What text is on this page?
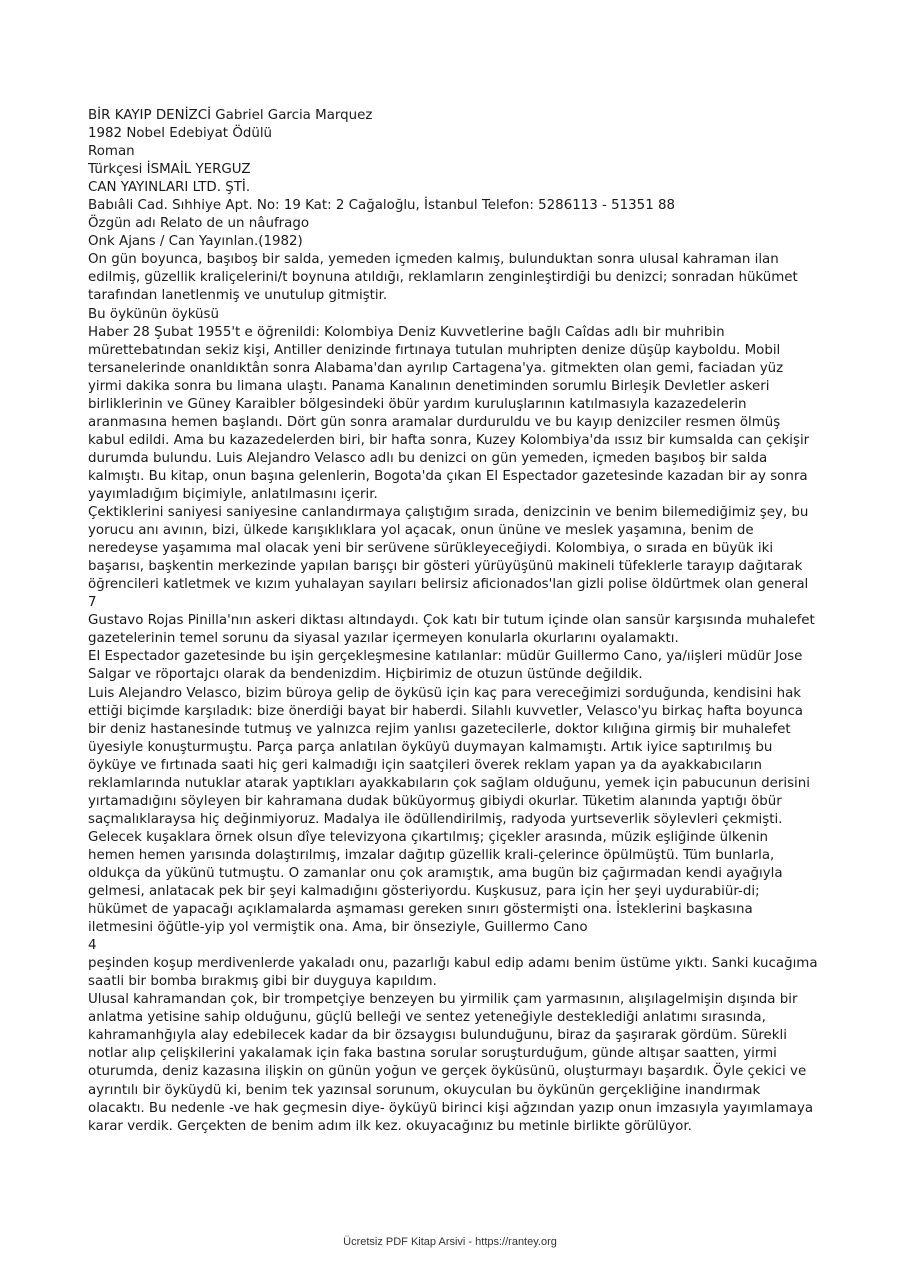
BİR KAYIP DENİZCİ Gabriel Garcia Marquez

1982 Nobel Edebiyat Ödülü

Roman

Türkçesi İSMAİL YERGUZ

CAN YAYINLARI LTD. ŞTİ.

Babıâli Cad. Sıhhiye Apt. No: 19 Kat: 2 Cağaloğlu, İstanbul Telefon: 5286113 - 51351 88

Özgün adı Relato de un nâufrago

Onk Ajans / Can Yayınlan.(1982)

On gün boyunca, başıboş bir salda, yemeden içmeden kalmış, bulunduktan sonra ulusal kahraman ilan edilmiş, güzellik kraliçelerini/t boynuna atıldığı, reklamların zenginleştirdiği bu denizci; sonradan hükümet tarafından lanetlenmiş ve unutulup gitmiştir.

Bu öykünün öyküsü

Haber 28 Şubat 1955't e öğrenildi: Kolombiya Deniz Kuvvetlerine bağlı Caîdas adlı bir muhribin mürettebatından sekiz kişi, Antiller denizinde fırtınaya tutulan muhripten denize düşüp kayboldu. Mobil tersanelerinde onanldıktân sonra Alabama'dan ayrılıp Cartagena'ya. gitmekten olan gemi, faciadan yüz yirmi dakika sonra bu limana ulaştı. Panama Kanalının denetiminden sorumlu Birleşik Devletler askeri birliklerinin ve Güney Karaibler bölgesindeki öbür yardım kuruluşlarının katılmasıyla kazazedelerin aranmasına hemen başlandı. Dört gün sonra aramalar durduruldu ve bu kayıp denizciler resmen ölmüş kabul edildi. Ama bu kazazedelerden biri, bir hafta sonra, Kuzey Kolombiya'da ıssız bir kumsalda can çekişir durumda bulundu. Luis Alejandro Velasco adlı bu denizci on gün yemeden, içmeden başıboş bir salda kalmıştı. Bu kitap, onun başına gelenlerin, Bogota'da çıkan El Espectador gazetesinde kazadan bir ay sonra yayımladığım biçimiyle, anlatılmasını içerir.

Çektiklerini saniyesi saniyesine canlandırmaya çalıştığım sırada, denizcinin ve benim bilemediğimiz şey, bu yorucu anı avının, bizi, ülkede karışıklıklara yol açacak, onun ününe ve meslek yaşamına, benim de neredeyse yaşamıma mal olacak yeni bir serüvene sürükleyeceğiydi. Kolombiya, o sırada en büyük iki başarısı, başkentin merkezinde yapılan barışçı bir gösteri yürüyüşünü makineli tüfeklerle tarayıp dağıtarak öğrencileri katletmek ve kızım yuhalayan sayıları belirsiz aficionados'lan gizli polise öldürtmek olan general

7

Gustavo Rojas Pinilla'nın askeri diktası altındaydı. Çok katı bir tutum içinde olan sansür karşısında muhalefet gazetelerinin temel sorunu da siyasal yazılar içermeyen konularla okurlarını oyalamaktı.

El Espectador gazetesinde bu işin gerçekleşmesine katılanlar: müdür Guillermo Cano, ya/ıişleri müdür Jose Salgar ve röportajcı olarak da bendenizdim. Hiçbirimiz de otuzun üstünde değildik.

Luis Alejandro Velasco, bizim büroya gelip de öyküsü için kaç para vereceğimizi sorduğunda, kendisini hak ettiği biçimde karşıladık: bize önerdiği bayat bir haberdi. Silahlı kuvvetler, Velasco'yu birkaç hafta boyunca bir deniz hastanesinde tutmuş ve yalnızca rejim yanlısı gazetecilerle, doktor kılığına girmiş bir muhalefet üyesiyle konuşturmuştu. Parça parça anlatılan öyküyü duymayan kalmamıştı. Artık iyice saptırılmış bu öyküye ve fırtınada saati hiç geri kalmadığı için saatçileri överek reklam yapan ya da ayakkabıcıların reklamlarında nutuklar atarak yaptıkları ayakkabıların çok sağlam olduğunu, yemek için pabucunun derisini yırtamadığını söyleyen bir kahramana dudak büküyormuş gibiydi okurlar. Tüketim alanında yaptığı öbür saçmalıklaraysa hiç değinmiyoruz. Madalya ile ödüllendirilmiş, radyoda yurtseverlik söylevleri çekmişti. Gelecek kuşaklara örnek olsun dîye televizyona çıkartılmış; çiçekler arasında, müzik eşliğinde ülkenin hemen hemen yarısında dolaştırılmış, imzalar dağıtıp güzellik krali-çelerince öpülmüştü. Tüm bunlarla, oldukça da yükünü tutmuştu. O zamanlar onu çok aramıştık, ama bugün biz çağırmadan kendi ayağıyla gelmesi, anlatacak pek bir şeyi kalmadığını gösteriyordu. Kuşkusuz, para için her şeyi uydurabiür-di; hükümet de yapacağı açıklamalarda aşmaması gereken sınırı göstermişti ona. İsteklerini başkasına iletmesini öğütle-yip yol vermiştik ona. Ama, bir önseziyle, Guillermo Cano

4

peşinden koşup merdivenlerde yakaladı onu, pazarlığı kabul edip adamı benim üstüme yıktı. Sanki kucağıma saatli bir bomba bırakmış gibi bir duyguya kapıldım.

Ulusal kahramandan çok, bir trompetçiye benzeyen bu yirmilik çam yarmasının, alışılagelmişin dışında bir anlatma yetisine sahip olduğunu, güçlü belleği ve sentez yeteneğiyle desteklediği anlatımı sırasında, kahramanhğıyla alay edebilecek kadar da bir özsaygısı bulunduğunu, biraz da şaşırarak gördüm. Sürekli notlar alıp çelişkilerini yakalamak için faka bastına sorular soruşturduğum, günde altışar saatten, yirmi oturumda, deniz kazasına ilişkin on günün yoğun ve gerçek öyküsünü, oluşturmayı başardık. Öyle çekici ve ayrıntılı bir öyküydü ki, benim tek yazınsal sorunum, okuyculan bu öykünün gerçekliğine inandırmak olacaktı. Bu nedenle -ve hak geçmesin diye- öyküyü birinci kişi ağzından yazıp onun imzasıyla yayımlamaya karar verdik. Gerçekten de benim adım ilk kez. okuyacağınız bu metinle birlikte görülüyor.

Ücretsiz PDF Kitap Arsivi - https://rantey.org
